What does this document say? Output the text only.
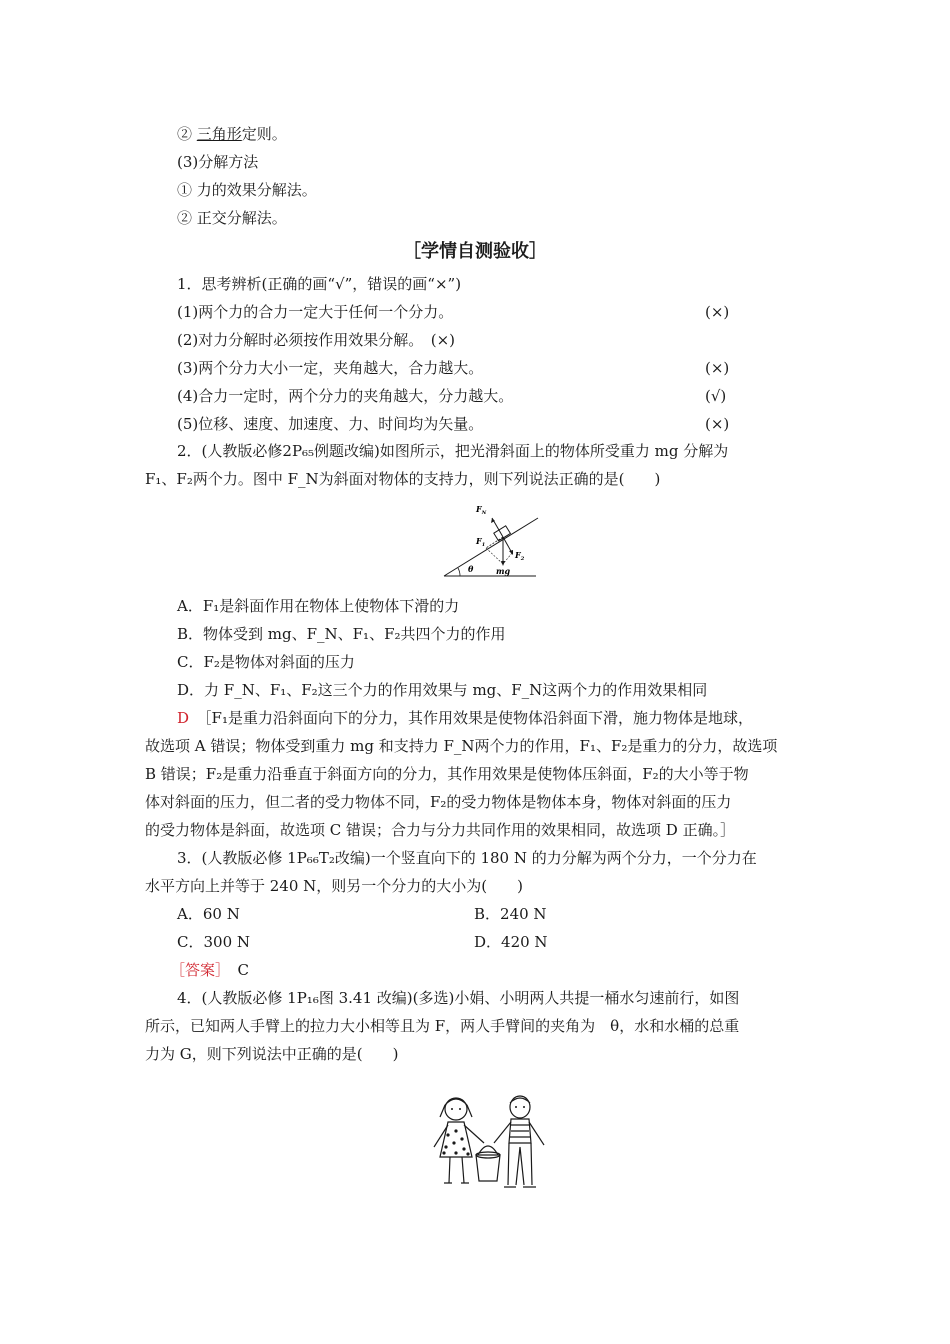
② 三角形定则。
(3)分解方法
① 力的效果分解法。
② 正交分解法。
［学情自测验收］
1．思考辨析(正确的画“√”，错误的画“×”)
(1)两个力的合力一定大于任何一个分力。	(×)
(2)对力分解时必须按作用效果分解。　(×)
(3)两个分力大小一定，夹角越大，合力越大。	(×)
(4)合力一定时，两个分力的夹角越大，分力越大。	(√)
(5)位移、速度、加速度、力、时间均为矢量。	(×)
2．(人教版必修2P₆₅例题改编)如图所示，把光滑斜面上的物体所受重力 mg 分解为
F₁、F₂两个力。图中 F_N为斜面对物体的支持力，则下列说法正确的是(　　)
$F_N$
$F_1$
$F_2$
mg
θ
A．F₁是斜面作用在物体上使物体下滑的力
B．物体受到 mg、F_N、F₁、F₂共四个力的作用
C．F₂是物体对斜面的压力
D．力 F_N、F₁、F₂这三个力的作用效果与 mg、F_N这两个力的作用效果相同
D　 ［F₁是重力沿斜面向下的分力，其作用效果是使物体沿斜面下滑，施力物体是地球，
故选项 A 错误；物体受到重力 mg 和支持力 F_N两个力的作用，F₁、F₂是重力的分力，故选项
B 错误；F₂是重力沿垂直于斜面方向的分力，其作用效果是使物体压斜面，F₂的大小等于物
体对斜面的压力，但二者的受力物体不同，F₂的受力物体是物体本身，物体对斜面的压力
的受力物体是斜面，故选项 C 错误；合力与分力共同作用的效果相同，故选项 D 正确。］
3．(人教版必修 1P₆₆T₂改编)一个竖直向下的 180 N 的力分解为两个分力，一个分力在
水平方向上并等于 240 N，则另一个分力的大小为(　　)
A．60 N	B．240 N
C．300 N	D．420 N
［答案］　 C
4．(人教版必修 1P₁₆图 3.41 改编)(多选)小娟、小明两人共提一桶水匀速前行，如图
所示，已知两人手臂上的拉力大小相等且为 F，两人手臂间的夹角为　θ，水和水桶的总重
力为 G，则下列说法中正确的是(　　)
